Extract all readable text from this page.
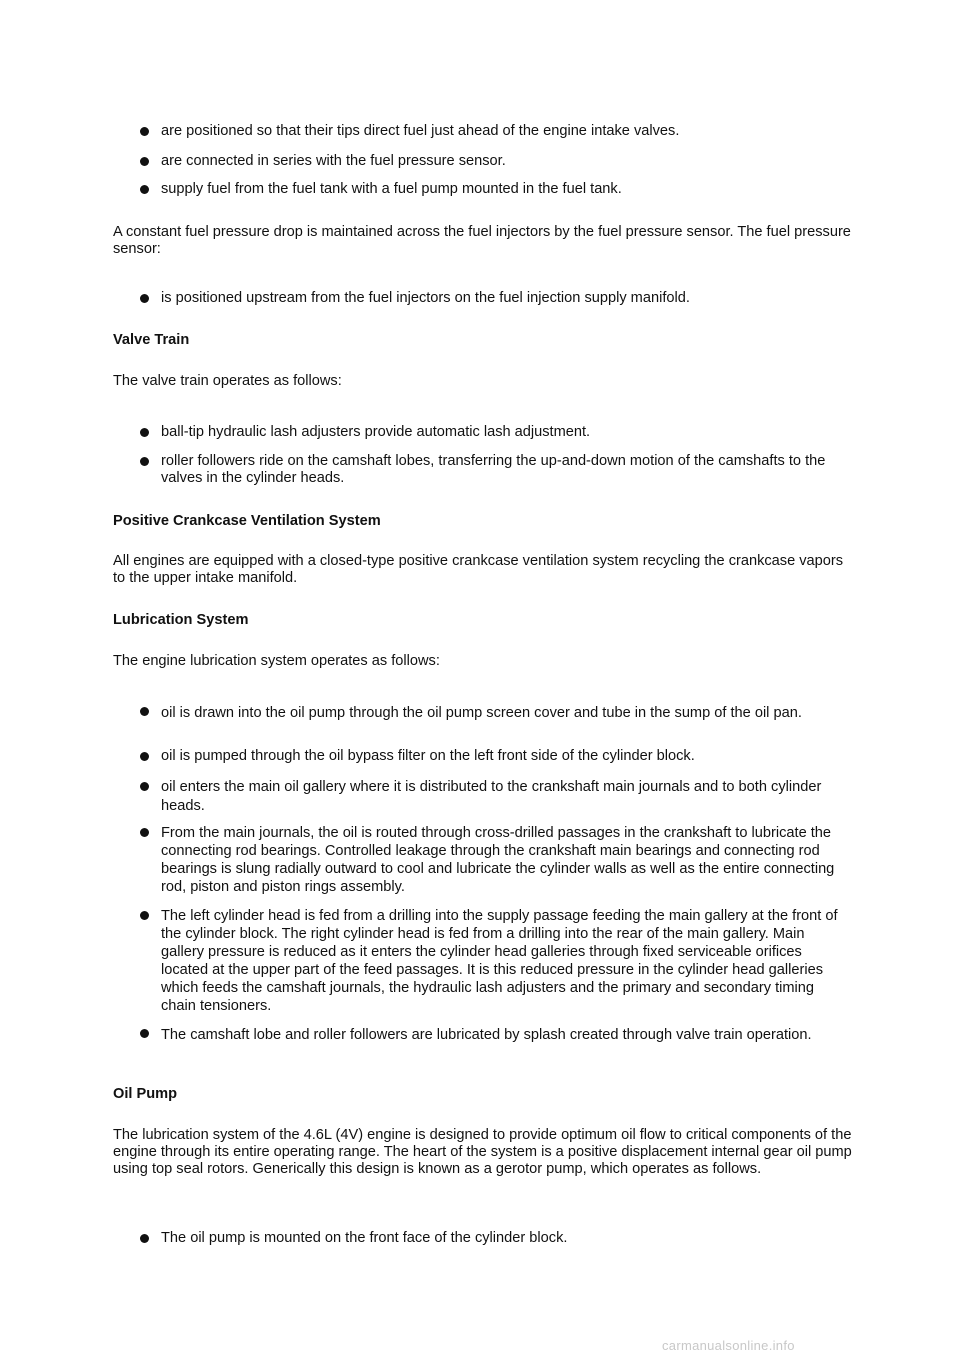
are positioned so that their tips direct fuel just ahead of the engine intake valves.
are connected in series with the fuel pressure sensor.
supply fuel from the fuel tank with a fuel pump mounted in the fuel tank.
A constant fuel pressure drop is maintained across the fuel injectors by the fuel pressure sensor. The fuel pressure sensor:
is positioned upstream from the fuel injectors on the fuel injection supply manifold.
Valve Train
The valve train operates as follows:
ball-tip hydraulic lash adjusters provide automatic lash adjustment.
roller followers ride on the camshaft lobes, transferring the up-and-down motion of the camshafts to the valves in the cylinder heads.
Positive Crankcase Ventilation System
All engines are equipped with a closed-type positive crankcase ventilation system recycling the crankcase vapors to the upper intake manifold.
Lubrication System
The engine lubrication system operates as follows:
oil is drawn into the oil pump through the oil pump screen cover and tube in the sump of the oil pan.
oil is pumped through the oil bypass filter on the left front side of the cylinder block.
oil enters the main oil gallery where it is distributed to the crankshaft main journals and to both cylinder heads.
From the main journals, the oil is routed through cross-drilled passages in the crankshaft to lubricate the connecting rod bearings. Controlled leakage through the crankshaft main bearings and connecting rod bearings is slung radially outward to cool and lubricate the cylinder walls as well as the entire connecting rod, piston and piston rings assembly.
The left cylinder head is fed from a drilling into the supply passage feeding the main gallery at the front of the cylinder block. The right cylinder head is fed from a drilling into the rear of the main gallery. Main gallery pressure is reduced as it enters the cylinder head galleries through fixed serviceable orifices located at the upper part of the feed passages. It is this reduced pressure in the cylinder head galleries which feeds the camshaft journals, the hydraulic lash adjusters and the primary and secondary timing chain tensioners.
The camshaft lobe and roller followers are lubricated by splash created through valve train operation.
Oil Pump
The lubrication system of the 4.6L (4V) engine is designed to provide optimum oil flow to critical components of the engine through its entire operating range. The heart of the system is a positive displacement internal gear oil pump using top seal rotors. Generically this design is known as a gerotor pump, which operates as follows.
The oil pump is mounted on the front face of the cylinder block.
carmanualsonline.info
